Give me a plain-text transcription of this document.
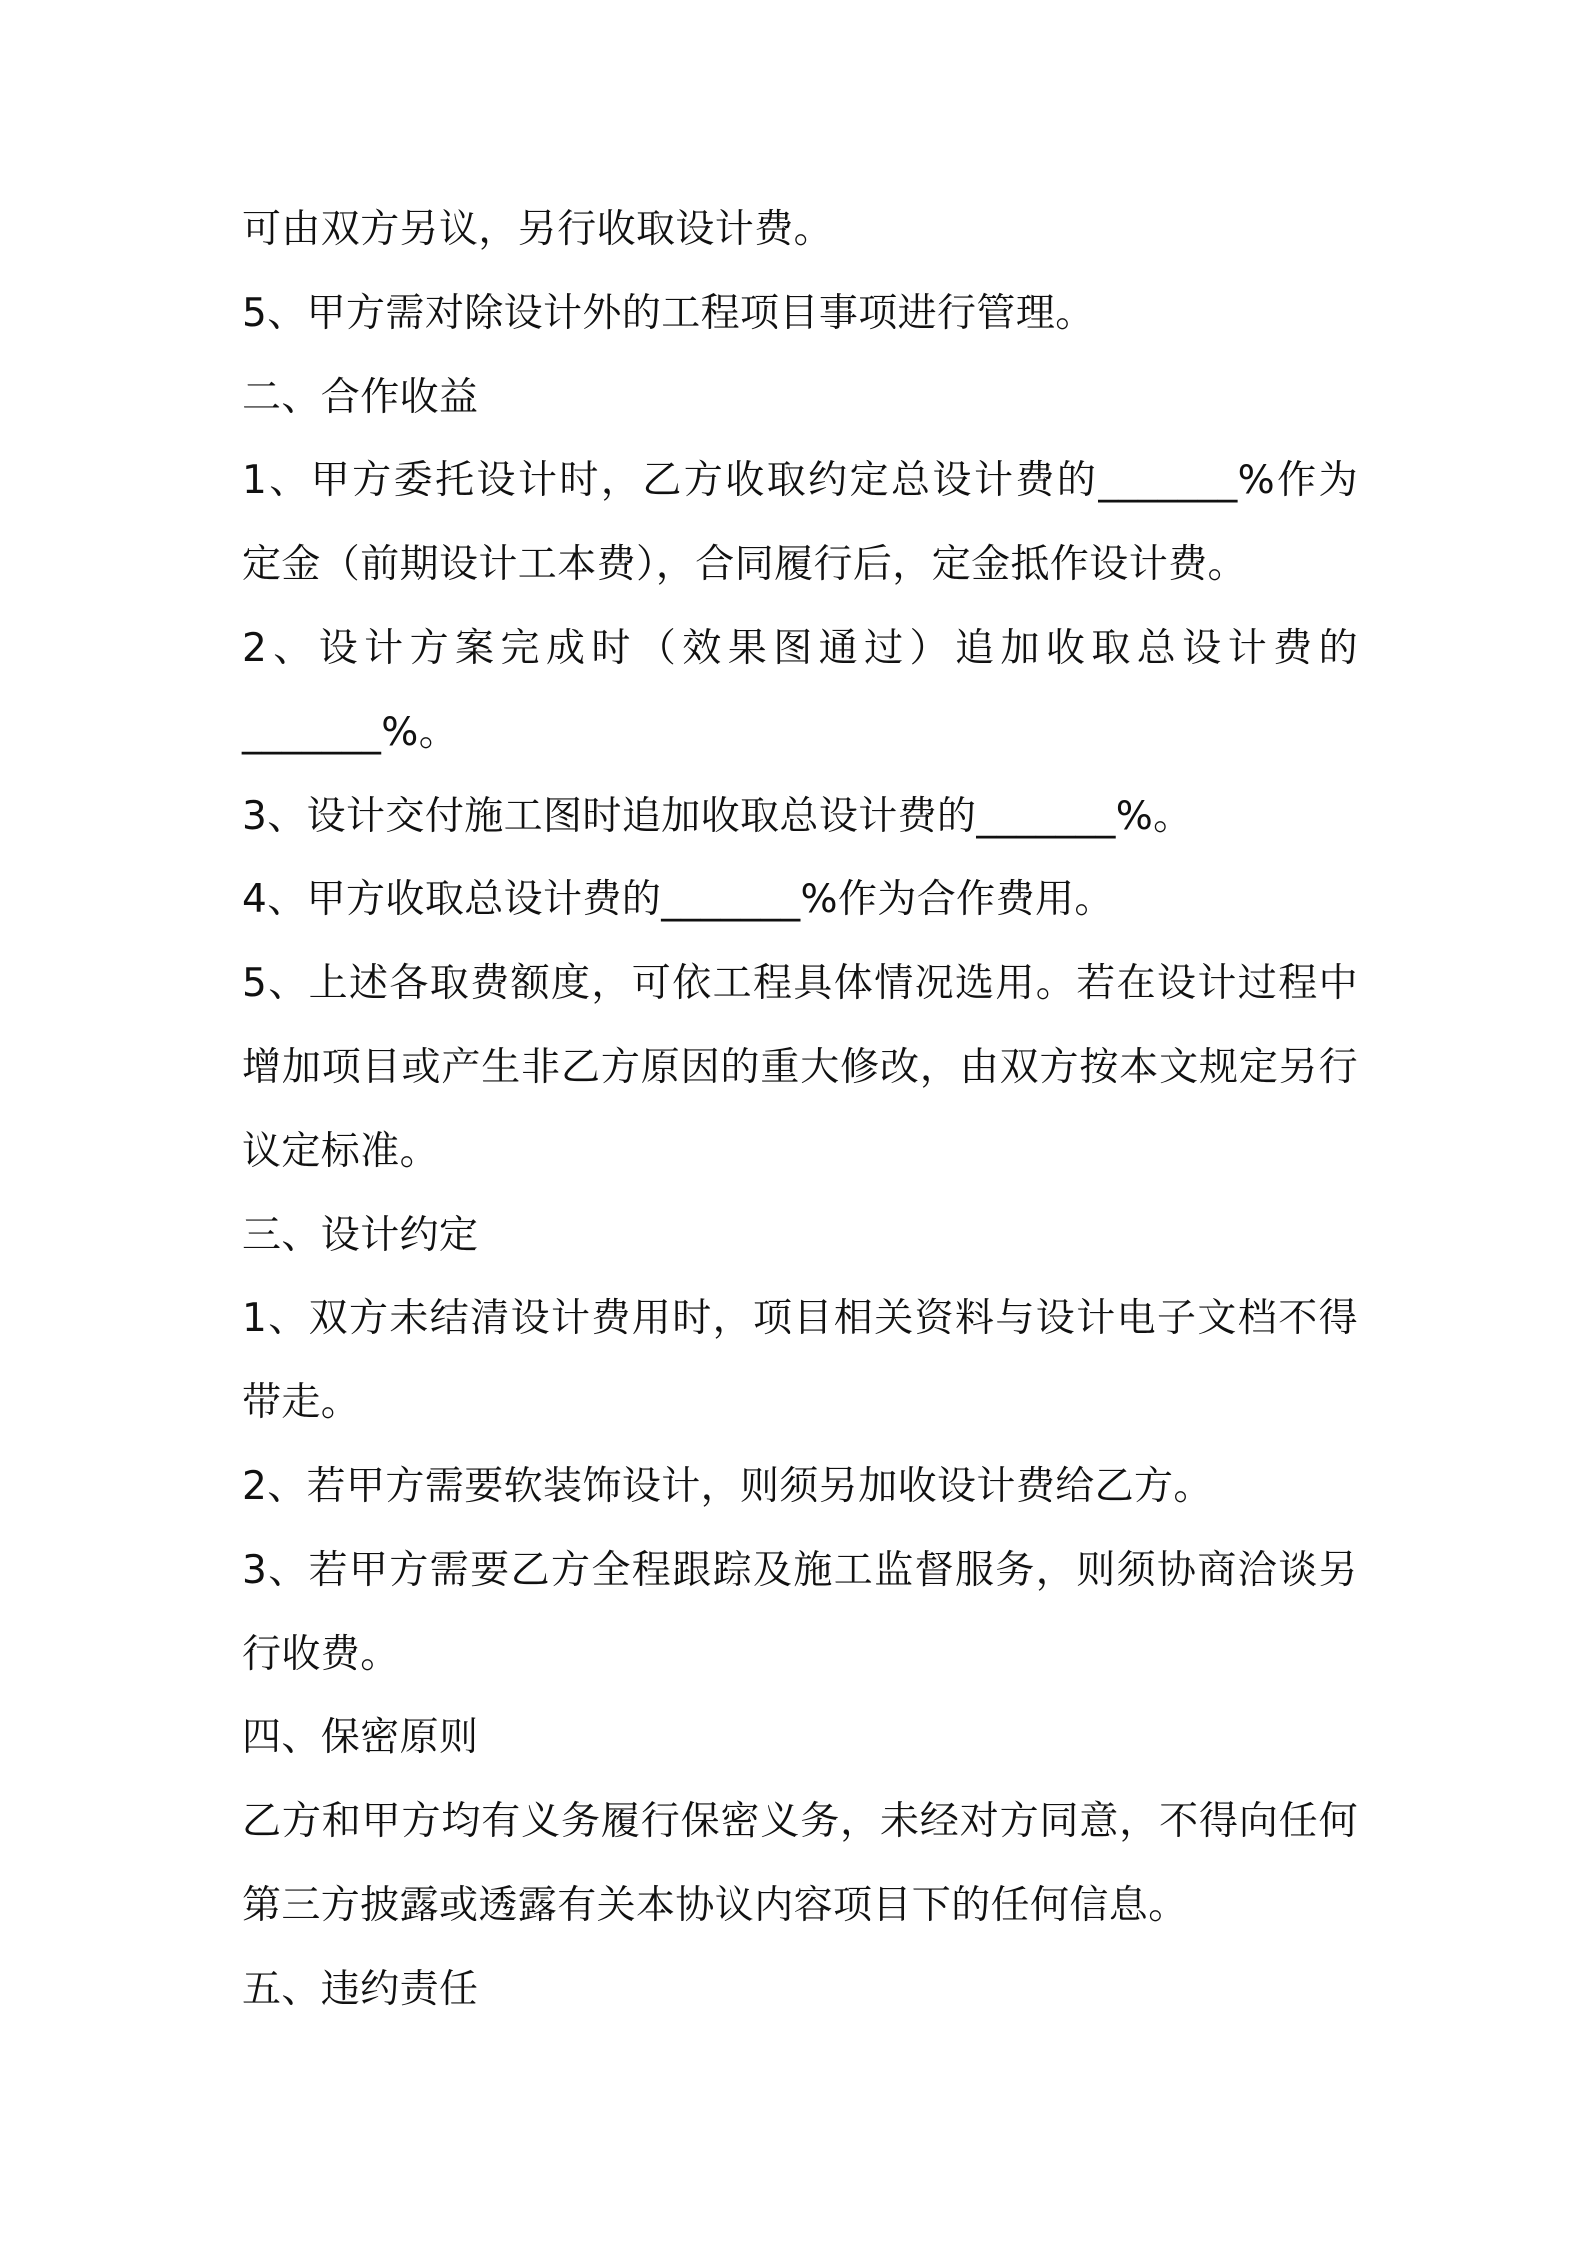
可由双方另议，另行收取设计费。
5、甲方需对除设计外的工程项目事项进行管理。
二、合作收益
1、甲方委托设计时，乙方收取约定总设计费的_______%作为
定金（前期设计工本费），合同履行后，定金抵作设计费。
2、设计方案完成时（效果图通过）追加收取总设计费的
_______%。
3、设计交付施工图时追加收取总设计费的_______%。
4、甲方收取总设计费的_______%作为合作费用。
5、上述各取费额度，可依工程具体情况选用。若在设计过程中
增加项目或产生非乙方原因的重大修改，由双方按本文规定另行
议定标准。
三、设计约定
1、双方未结清设计费用时，项目相关资料与设计电子文档不得
带走。
2、若甲方需要软装饰设计，则须另加收设计费给乙方。
3、若甲方需要乙方全程跟踪及施工监督服务，则须协商洽谈另
行收费。
四、保密原则
乙方和甲方均有义务履行保密义务，未经对方同意，不得向任何
第三方披露或透露有关本协议内容项目下的任何信息。
五、违约责任
